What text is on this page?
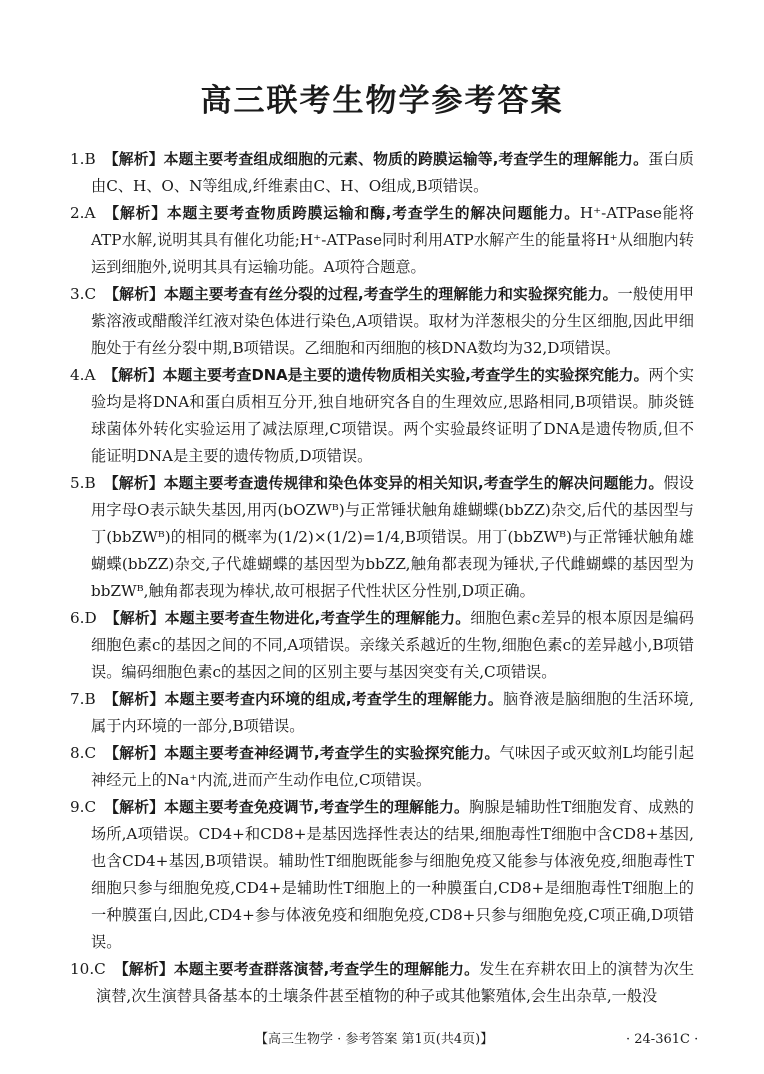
高三联考生物学参考答案
1.B 【解析】本题主要考查组成细胞的元素、物质的跨膜运输等,考查学生的理解能力。蛋白质由C、H、O、N等组成,纤维素由C、H、O组成,B项错误。
2.A 【解析】本题主要考查物质跨膜运输和酶,考查学生的解决问题能力。H⁺-ATPase能将ATP水解,说明其具有催化功能;H⁺-ATPase同时利用ATP水解产生的能量将H⁺从细胞内转运到细胞外,说明其具有运输功能。A项符合题意。
3.C 【解析】本题主要考查有丝分裂的过程,考查学生的理解能力和实验探究能力。一般使用甲紫溶液或醋酸洋红液对染色体进行染色,A项错误。取材为洋葱根尖的分生区细胞,因此甲细胞处于有丝分裂中期,B项错误。乙细胞和丙细胞的核DNA数均为32,D项错误。
4.A 【解析】本题主要考查DNA是主要的遗传物质相关实验,考查学生的实验探究能力。两个实验均是将DNA和蛋白质相互分开,独自地研究各自的生理效应,思路相同,B项错误。肺炎链球菌体外转化实验运用了减法原理,C项错误。两个实验最终证明了DNA是遗传物质,但不能证明DNA是主要的遗传物质,D项错误。
5.B 【解析】本题主要考查遗传规律和染色体变异的相关知识,考查学生的解决问题能力。假设用字母O表示缺失基因,用丙(bOZWᴮ)与正常锤状触角雄蝴蝶(bbZZ)杂交,后代的基因型与丁(bbZWᴮ)的相同的概率为(1/2)×(1/2)=1/4,B项错误。用丁(bbZWᴮ)与正常锤状触角雄蝴蝶(bbZZ)杂交,子代雄蝴蝶的基因型为bbZZ,触角都表现为锤状,子代雌蝴蝶的基因型为bbZWᴮ,触角都表现为棒状,故可根据子代性状区分性别,D项正确。
6.D 【解析】本题主要考查生物进化,考查学生的理解能力。细胞色素c差异的根本原因是编码细胞色素c的基因之间的不同,A项错误。亲缘关系越近的生物,细胞色素c的差异越小,B项错误。编码细胞色素c的基因之间的区别主要与基因突变有关,C项错误。
7.B 【解析】本题主要考查内环境的组成,考查学生的理解能力。脑脊液是脑细胞的生活环境,属于内环境的一部分,B项错误。
8.C 【解析】本题主要考查神经调节,考查学生的实验探究能力。气味因子或灭蚊剂L均能引起神经元上的Na⁺内流,进而产生动作电位,C项错误。
9.C 【解析】本题主要考查免疫调节,考查学生的理解能力。胸腺是辅助性T细胞发育、成熟的场所,A项错误。CD4+和CD8+是基因选择性表达的结果,细胞毒性T细胞中含CD8+基因,也含CD4+基因,B项错误。辅助性T细胞既能参与细胞免疫又能参与体液免疫,细胞毒性T细胞只参与细胞免疫,CD4+是辅助性T细胞上的一种膜蛋白,CD8+是细胞毒性T细胞上的一种膜蛋白,因此,CD4+参与体液免疫和细胞免疫,CD8+只参与细胞免疫,C项正确,D项错误。
10.C 【解析】本题主要考查群落演替,考查学生的理解能力。发生在弃耕农田上的演替为次生演替,次生演替具备基本的土壤条件甚至植物的种子或其他繁殖体,会生出杂草,一般没
【高三生物学 · 参考答案 第1页(共4页)】	· 24-361C ·
